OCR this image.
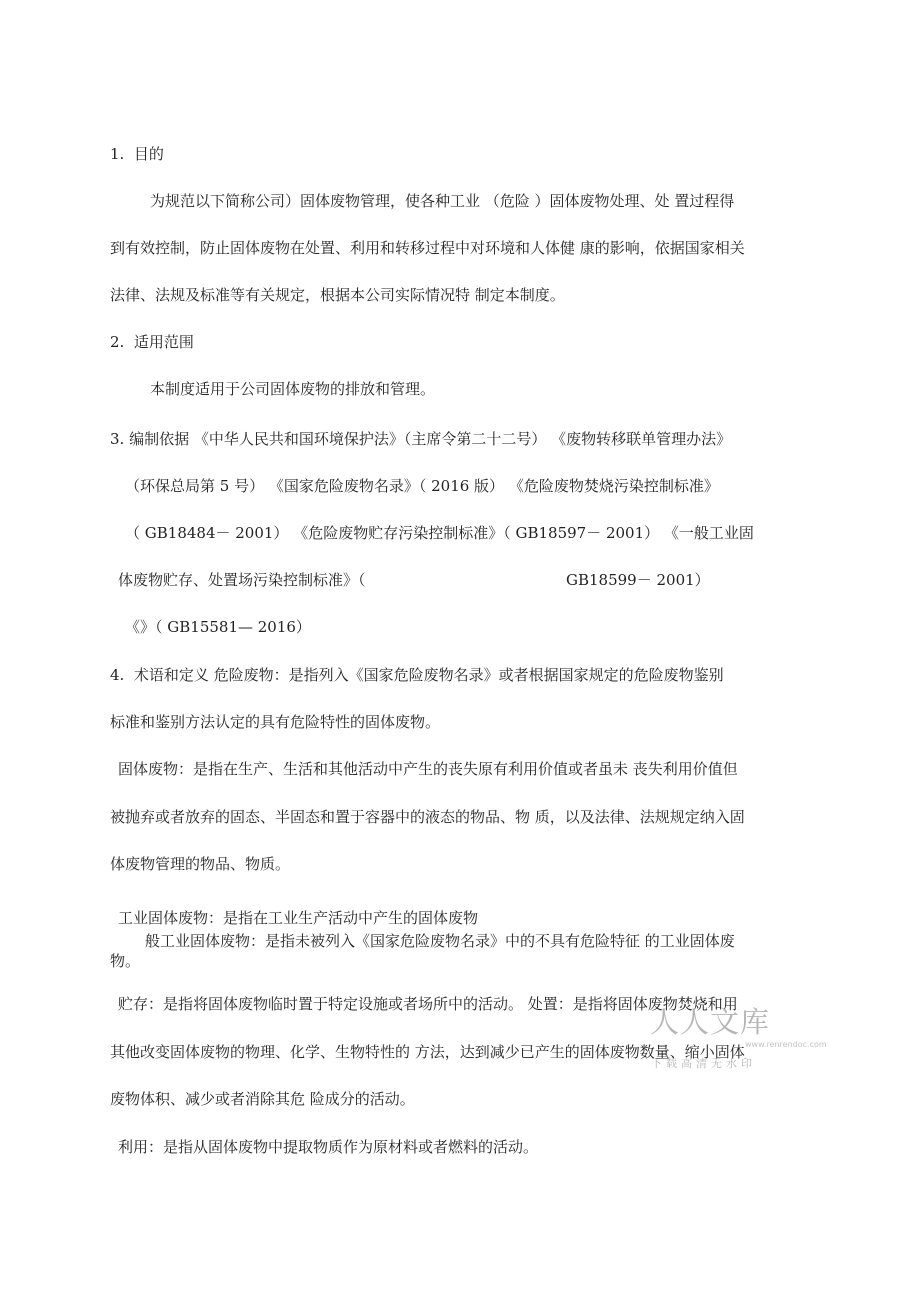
1.  目的
为规范以下简称公司）固体废物管理，使各种工业 （危险 ）固体废物处理、处 置过程得
到有效控制，防止固体废物在处置、利用和转移过程中对环境和人体健 康的影响，依据国家相关
法律、法规及标准等有关规定，根据本公司实际情况特 制定本制度。
2.  适用范围
本制度适用于公司固体废物的排放和管理。
3. 编制依据 《中华人民共和国环境保护法》（主席令第二十二号） 《废物转移联单管理办法》
（环保总局第 5 号） 《国家危险废物名录》（ 2016 版） 《危险废物焚烧污染控制标准》
（ GB18484－ 2001） 《危险废物贮存污染控制标准》（ GB18597－ 2001） 《一般工业固
体废物贮存、处置场污染控制标准》（	GB18599－ 2001）
《》（ GB15581— 2016）
4.  术语和定义 危险废物：是指列入《国家危险废物名录》或者根据国家规定的危险废物鉴别
标准和鉴别方法认定的具有危险特性的固体废物。
固体废物：是指在生产、生活和其他活动中产生的丧失原有利用价值或者虽未 丧失利用价值但
被抛弃或者放弃的固态、半固态和置于容器中的液态的物品、物 质，以及法律、法规规定纳入固
体废物管理的物品、物质。
工业固体废物：是指在工业生产活动中产生的固体废物
般工业固体废物：是指未被列入《国家危险废物名录》中的不具有危险特征 的工业固体废
物。
贮存：是指将固体废物临时置于特定设施或者场所中的活动。 处置：是指将固体废物焚烧和用
其他改变固体废物的物理、化学、生物特性的 方法，达到减少已产生的固体废物数量、缩小固体
废物体积、减少或者消除其危 险成分的活动。
利用：是指从固体废物中提取物质作为原材料或者燃料的活动。
人人文库
www.renrendoc.com
下载高清无水印
